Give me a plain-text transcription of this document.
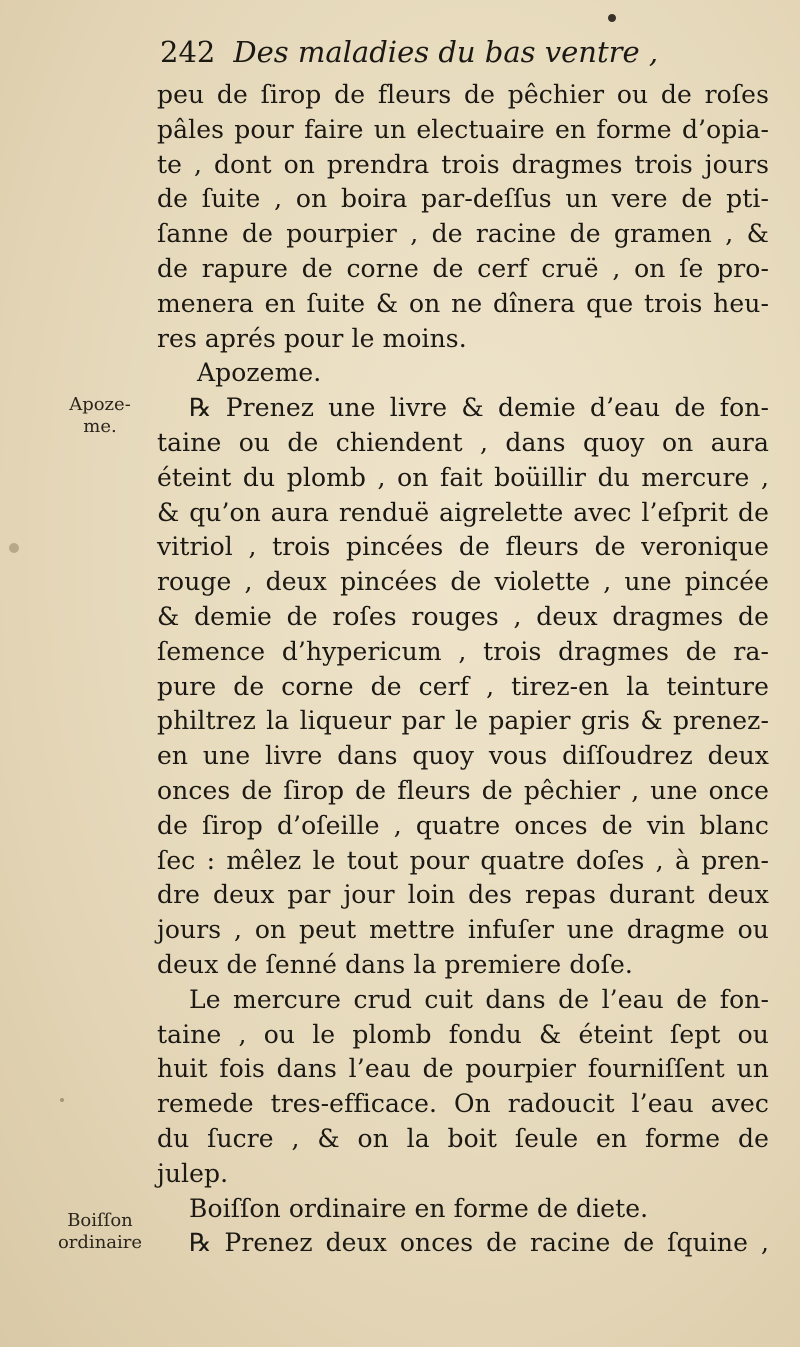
242 Des maladies du bas ventre ,
Apoze-
me.
Boiſſon
ordinaire
peu de ſirop de fleurs de pêchier ou de roſes
pâles pour faire un electuaire en forme d’opia-
te , dont on prendra trois dragmes trois jours
de ſuite , on boira par-deſſus un vere de pti-
ſanne de pourpier , de racine de gramen , &
de rapure de corne de cerf cruë , on ſe pro-
menera en ſuite & on ne dînera que trois heu-
res aprés pour le moins.
Apozeme.
℞ Prenez une livre & demie d’eau de fon-
taine ou de chiendent , dans quoy on aura
éteint du plomb , on fait boüillir du mercure ,
& qu’on aura renduë aigrelette avec l’eſprit de
vitriol , trois pincées de fleurs de veronique
rouge , deux pincées de violette , une pincée
& demie de roſes rouges , deux dragmes de
ſemence d’hypericum , trois dragmes de ra-
pure de corne de cerf , tirez-en la teinture
philtrez la liqueur par le papier gris & prenez-
en une livre dans quoy vous diſſoudrez deux
onces de ſirop de fleurs de pêchier , une once
de ſirop d’oſeille , quatre onces de vin blanc
ſec : mêlez le tout pour quatre doſes , à pren-
dre deux par jour loin des repas durant deux
jours , on peut mettre infuſer une dragme ou
deux de ſenné dans la premiere doſe.
Le mercure crud cuit dans de l’eau de fon-
taine , ou le plomb fondu & éteint ſept ou
huit fois dans l’eau de pourpier fourniſſent un
remede tres-efficace. On radoucit l’eau avec
du ſucre , & on la boit ſeule en forme de
julep.
Boiſſon ordinaire en forme de diete.
℞ Prenez deux onces de racine de ſquine ,
